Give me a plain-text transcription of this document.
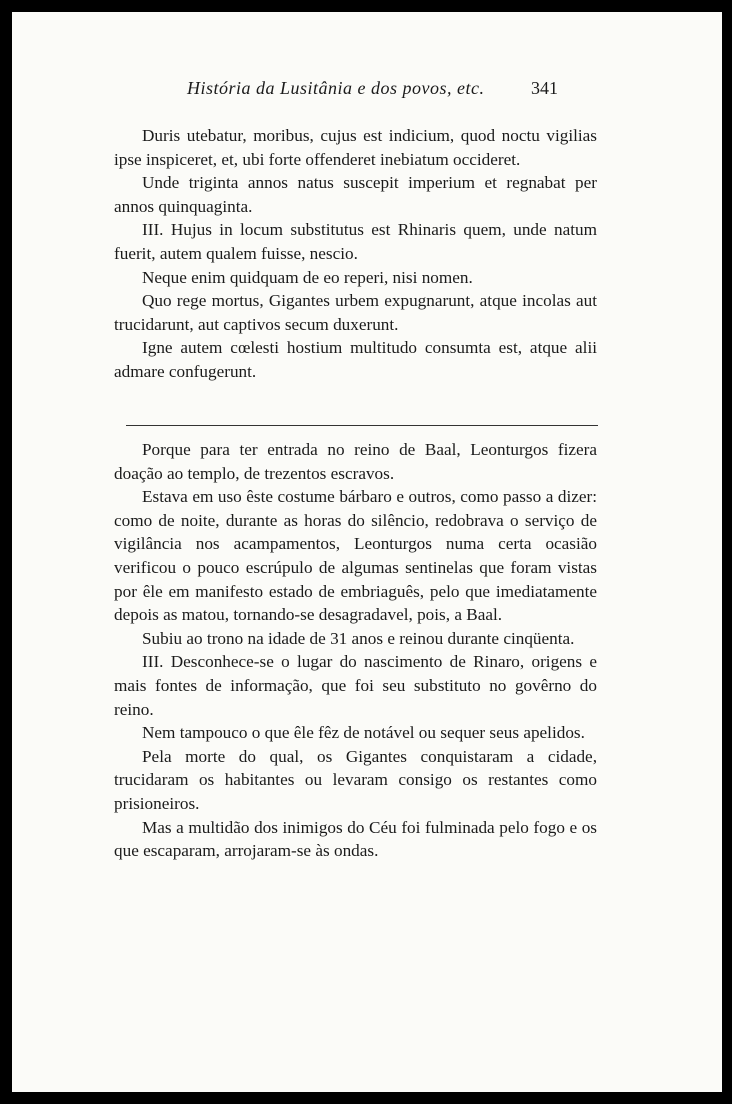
História da Lusitânia e dos povos, etc.	341

Duris utebatur, moribus, cujus est indicium, quod noctu vigilias ipse inspiceret, et, ubi forte offenderet inebiatum occideret.

Unde triginta annos natus suscepit imperium et regnabat per annos quinquaginta.

III. Hujus in locum substitutus est Rhinaris quem, unde natum fuerit, autem qualem fuisse, nescio.

Neque enim quidquam de eo reperi, nisi nomen.

Quo rege mortus, Gigantes urbem expugnarunt, atque incolas aut trucidarunt, aut captivos secum duxerunt.

Igne autem cœlesti hostium multitudo consumta est, atque alii admare confugerunt.

Porque para ter entrada no reino de Baal, Leonturgos fizera doação ao templo, de trezentos escravos.

Estava em uso êste costume bárbaro e outros, como passo a dizer: como de noite, durante as horas do silêncio, redobrava o serviço de vigilância nos acampamentos, Leonturgos numa certa ocasião verificou o pouco escrúpulo de algumas sentinelas que foram vistas por êle em manifesto estado de embriaguês, pelo que imediatamente depois as matou, tornando-se desagradavel, pois, a Baal.

Subiu ao trono na idade de 31 anos e reinou durante cinqüenta.

III. Desconhece-se o lugar do nascimento de Rinaro, origens e mais fontes de informação, que foi seu substituto no govêrno do reino.

Nem tampouco o que êle fêz de notável ou sequer seus apelidos.

Pela morte do qual, os Gigantes conquistaram a cidade, trucidaram os habitantes ou levaram consigo os restantes como prisioneiros.

Mas a multidão dos inimigos do Céu foi fulminada pelo fogo e os que escaparam, arrojaram-se às ondas.
